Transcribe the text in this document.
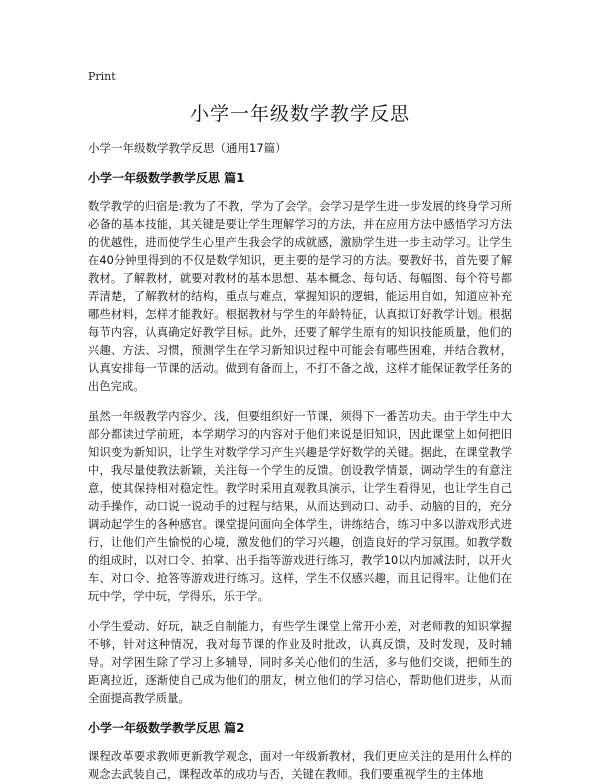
Print
小学一年级数学教学反思
小学一年级数学教学反思（通用17篇）
小学一年级数学教学反思 篇1

数学教学的归宿是:教为了不教，学为了会学。会学习是学生进一步发展的终身学习所必备的基本技能，其关键是要让学生理解学习的方法，并在应用方法中感悟学习方法的优越性，进而使学生心里产生我会学的成就感，激励学生进一步主动学习。让学生在40分钟里得到的不仅是数学知识，更主要的是学习的方法。要教好书，首先要了解教材。了解教材，就要对教材的基本思想、基本概念、每句话、每幅图、每个符号都弄清楚，了解教材的结构，重点与难点，掌握知识的逻辑，能运用自如，知道应补充哪些材料，怎样才能教好。根据教材与学生的年龄特征，认真拟订好教学计划。根据每节内容，认真确定好教学目标。此外，还要了解学生原有的知识技能质量，他们的兴趣、方法、习惯，预测学生在学习新知识过程中可能会有哪些困难，并结合教材，认真安排每一节课的活动。做到有备而上，不打不备之战，这样才能保证教学任务的出色完成。

虽然一年级教学内容少、浅，但要组织好一节课，须得下一番苦功夫。由于学生中大部分都读过学前班，本学期学习的内容对于他们来说是旧知识，因此课堂上如何把旧知识变为新知识，让学生对数学学习产生兴趣是学好数学的关键。据此，在课堂教学中，我尽量使教法新颖，关注每一个学生的反馈。创设教学情景，调动学生的有意注意，使其保持相对稳定性。教学时采用直观教具演示，让学生看得见，也让学生自己动手操作，动口说一说动手的过程与结果，从而达到动口、动手、动脑的目的，充分调动起学生的各种感官。课堂提问面向全体学生，讲练结合，练习中多以游戏形式进行，让他们产生愉悦的心境，激发他们的学习兴趣，创造良好的学习氛围。如教学数的组成时，以对口令、拍掌、出手指等游戏进行练习，教学10以内加减法时，以开火车、对口令、抢答等游戏进行练习。这样，学生不仅感兴趣，而且记得牢。让他们在玩中学，学中玩，学得乐，乐于学。

小学生爱动、好玩，缺乏自制能力，有些学生课堂上常开小差，对老师教的知识掌握不够，针对这种情况，我对每节课的作业及时批改，认真反馈，及时发现，及时辅导。对学困生除了学习上多辅导，同时多关心他们的生活，多与他们交谈，把师生的距离拉近，逐渐使自己成为他们的朋友，树立他们的学习信心，帮助他们进步，从而全面提高教学质量。

小学一年级数学教学反思 篇2

课程改革要求教师更新教学观念，面对一年级新教材，我们更应关注的是用什么样的观念去武装自己，课程改革的成功与否，关键在教师。我们要重视学生的主体地
